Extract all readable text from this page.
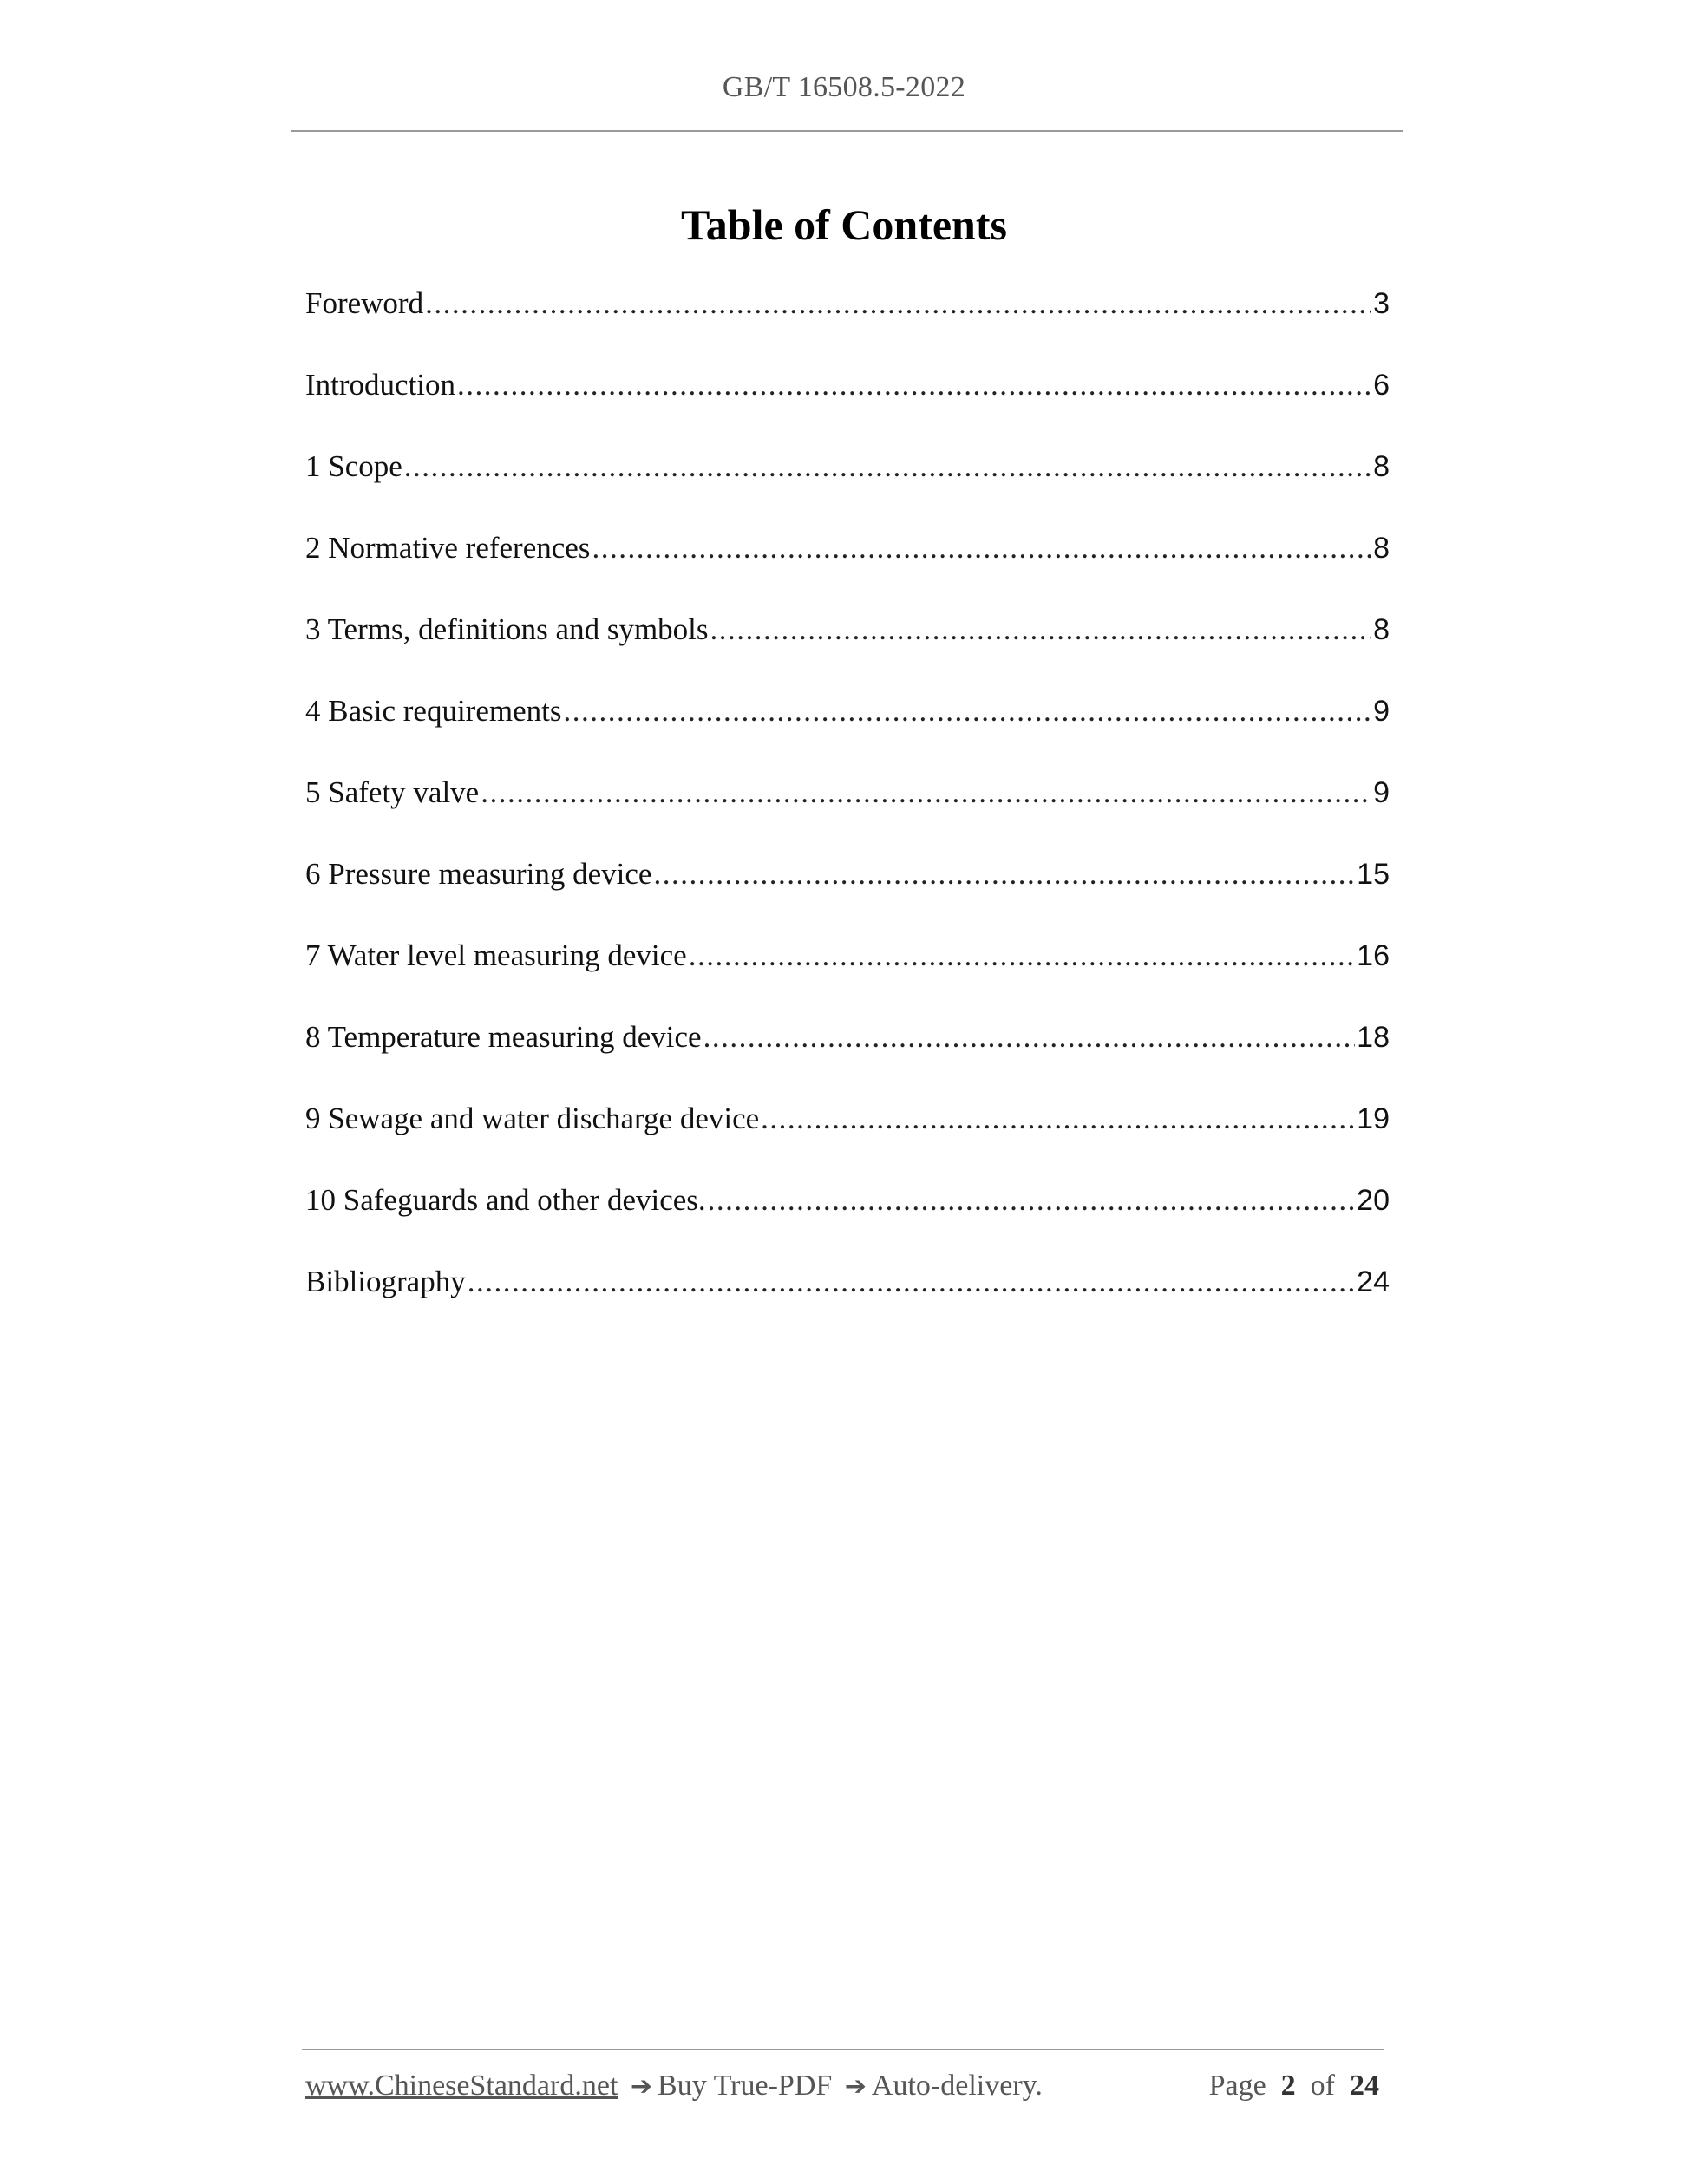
GB/T 16508.5-2022
Table of Contents
Foreword .....	3
Introduction .....	6
1 Scope .....	8
2 Normative references .....	8
3 Terms, definitions and symbols .....	8
4 Basic requirements .....	9
5 Safety valve .....	9
6 Pressure measuring device .....	15
7 Water level measuring device .....	16
8 Temperature measuring device .....	18
9 Sewage and water discharge device .....	19
10 Safeguards and other devices. .....	20
Bibliography .....	24
www.ChineseStandard.net ➔ Buy True-PDF ➔ Auto-delivery.	Page 2 of 24
